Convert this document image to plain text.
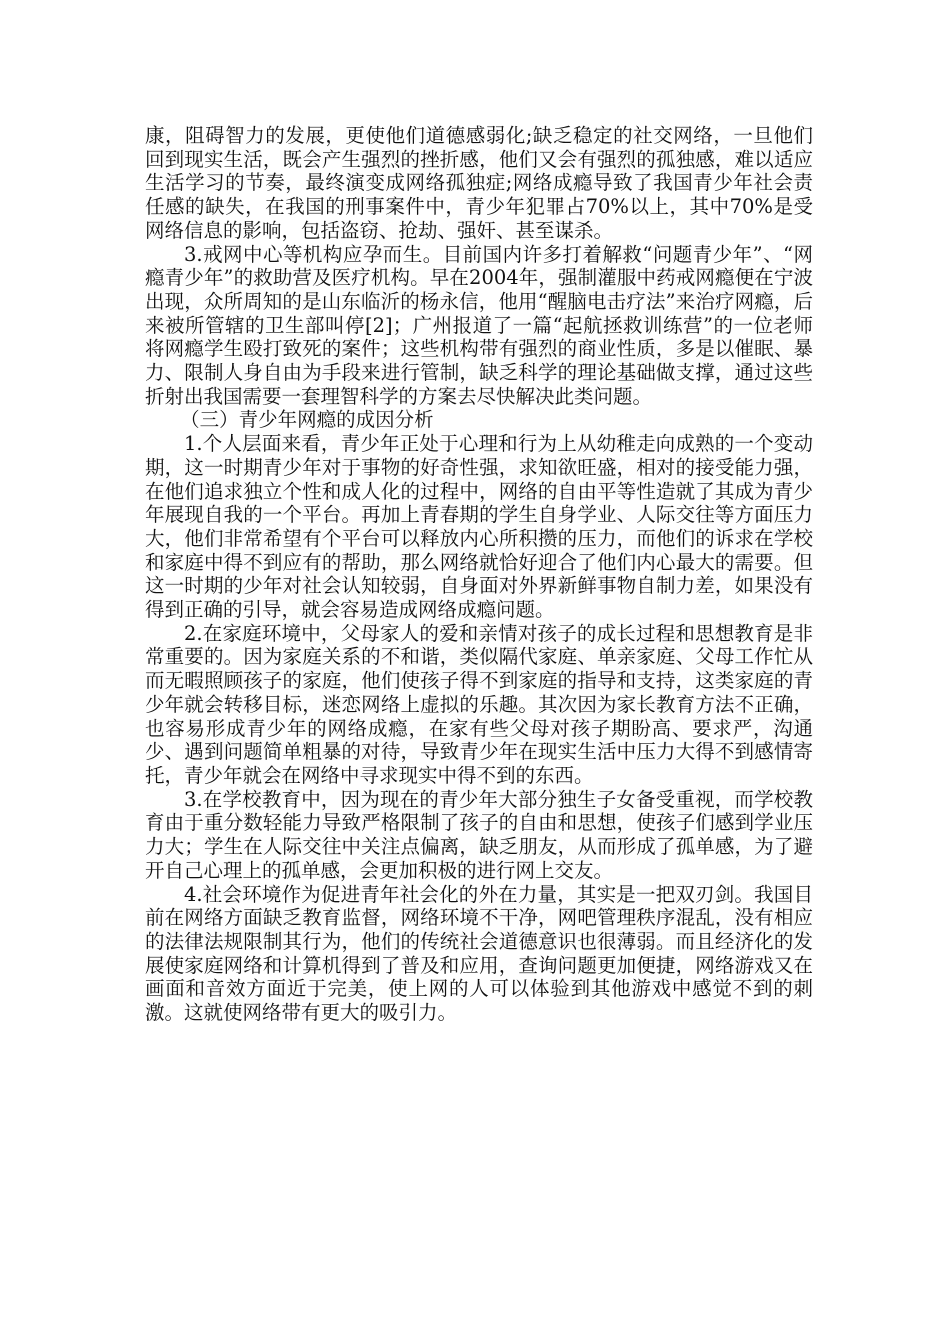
康，阻碍智力的发展，更使他们道德感弱化;缺乏稳定的社交网络，一旦他们回到现实生活，既会产生强烈的挫折感，他们又会有强烈的孤独感，难以适应生活学习的节奏，最终演变成网络孤独症;网络成瘾导致了我国青少年社会责任感的缺失，在我国的刑事案件中，青少年犯罪占70%以上，其中70%是受网络信息的影响，包括盗窃、抢劫、强奸、甚至谋杀。

3.戒网中心等机构应孕而生。目前国内许多打着解救“问题青少年”、“网瘾青少年”的救助营及医疗机构。早在2004年，强制灌服中药戒网瘾便在宁波出现，众所周知的是山东临沂的杨永信，他用“醒脑电击疗法”来治疗网瘾，后来被所管辖的卫生部叫停[2]；广州报道了一篇“起航拯救训练营”的一位老师将网瘾学生殴打致死的案件；这些机构带有强烈的商业性质，多是以催眠、暴力、限制人身自由为手段来进行管制，缺乏科学的理论基础做支撑，通过这些折射出我国需要一套理智科学的方案去尽快解决此类问题。

（三）青少年网瘾的成因分析

1.个人层面来看，青少年正处于心理和行为上从幼稚走向成熟的一个变动期，这一时期青少年对于事物的好奇性强，求知欲旺盛，相对的接受能力强，在他们追求独立个性和成人化的过程中，网络的自由平等性造就了其成为青少年展现自我的一个平台。再加上青春期的学生自身学业、人际交往等方面压力大，他们非常希望有个平台可以释放内心所积攒的压力，而他们的诉求在学校和家庭中得不到应有的帮助，那么网络就恰好迎合了他们内心最大的需要。但这一时期的少年对社会认知较弱，自身面对外界新鲜事物自制力差，如果没有得到正确的引导，就会容易造成网络成瘾问题。

2.在家庭环境中，父母家人的爱和亲情对孩子的成长过程和思想教育是非常重要的。因为家庭关系的不和谐，类似隔代家庭、单亲家庭、父母工作忙从而无暇照顾孩子的家庭，他们使孩子得不到家庭的指导和支持，这类家庭的青少年就会转移目标，迷恋网络上虚拟的乐趣。其次因为家长教育方法不正确，也容易形成青少年的网络成瘾，在家有些父母对孩子期盼高、要求严，沟通少、遇到问题简单粗暴的对待，导致青少年在现实生活中压力大得不到感情寄托，青少年就会在网络中寻求现实中得不到的东西。

3.在学校教育中，因为现在的青少年大部分独生子女备受重视，而学校教育由于重分数轻能力导致严格限制了孩子的自由和思想，使孩子们感到学业压力大；学生在人际交往中关注点偏离，缺乏朋友，从而形成了孤单感，为了避开自己心理上的孤单感，会更加积极的进行网上交友。

4.社会环境作为促进青年社会化的外在力量，其实是一把双刃剑。我国目前在网络方面缺乏教育监督，网络环境不干净，网吧管理秩序混乱，没有相应的法律法规限制其行为，他们的传统社会道德意识也很薄弱。而且经济化的发展使家庭网络和计算机得到了普及和应用，查询问题更加便捷，网络游戏又在画面和音效方面近于完美，使上网的人可以体验到其他游戏中感觉不到的刺激。这就使网络带有更大的吸引力。
